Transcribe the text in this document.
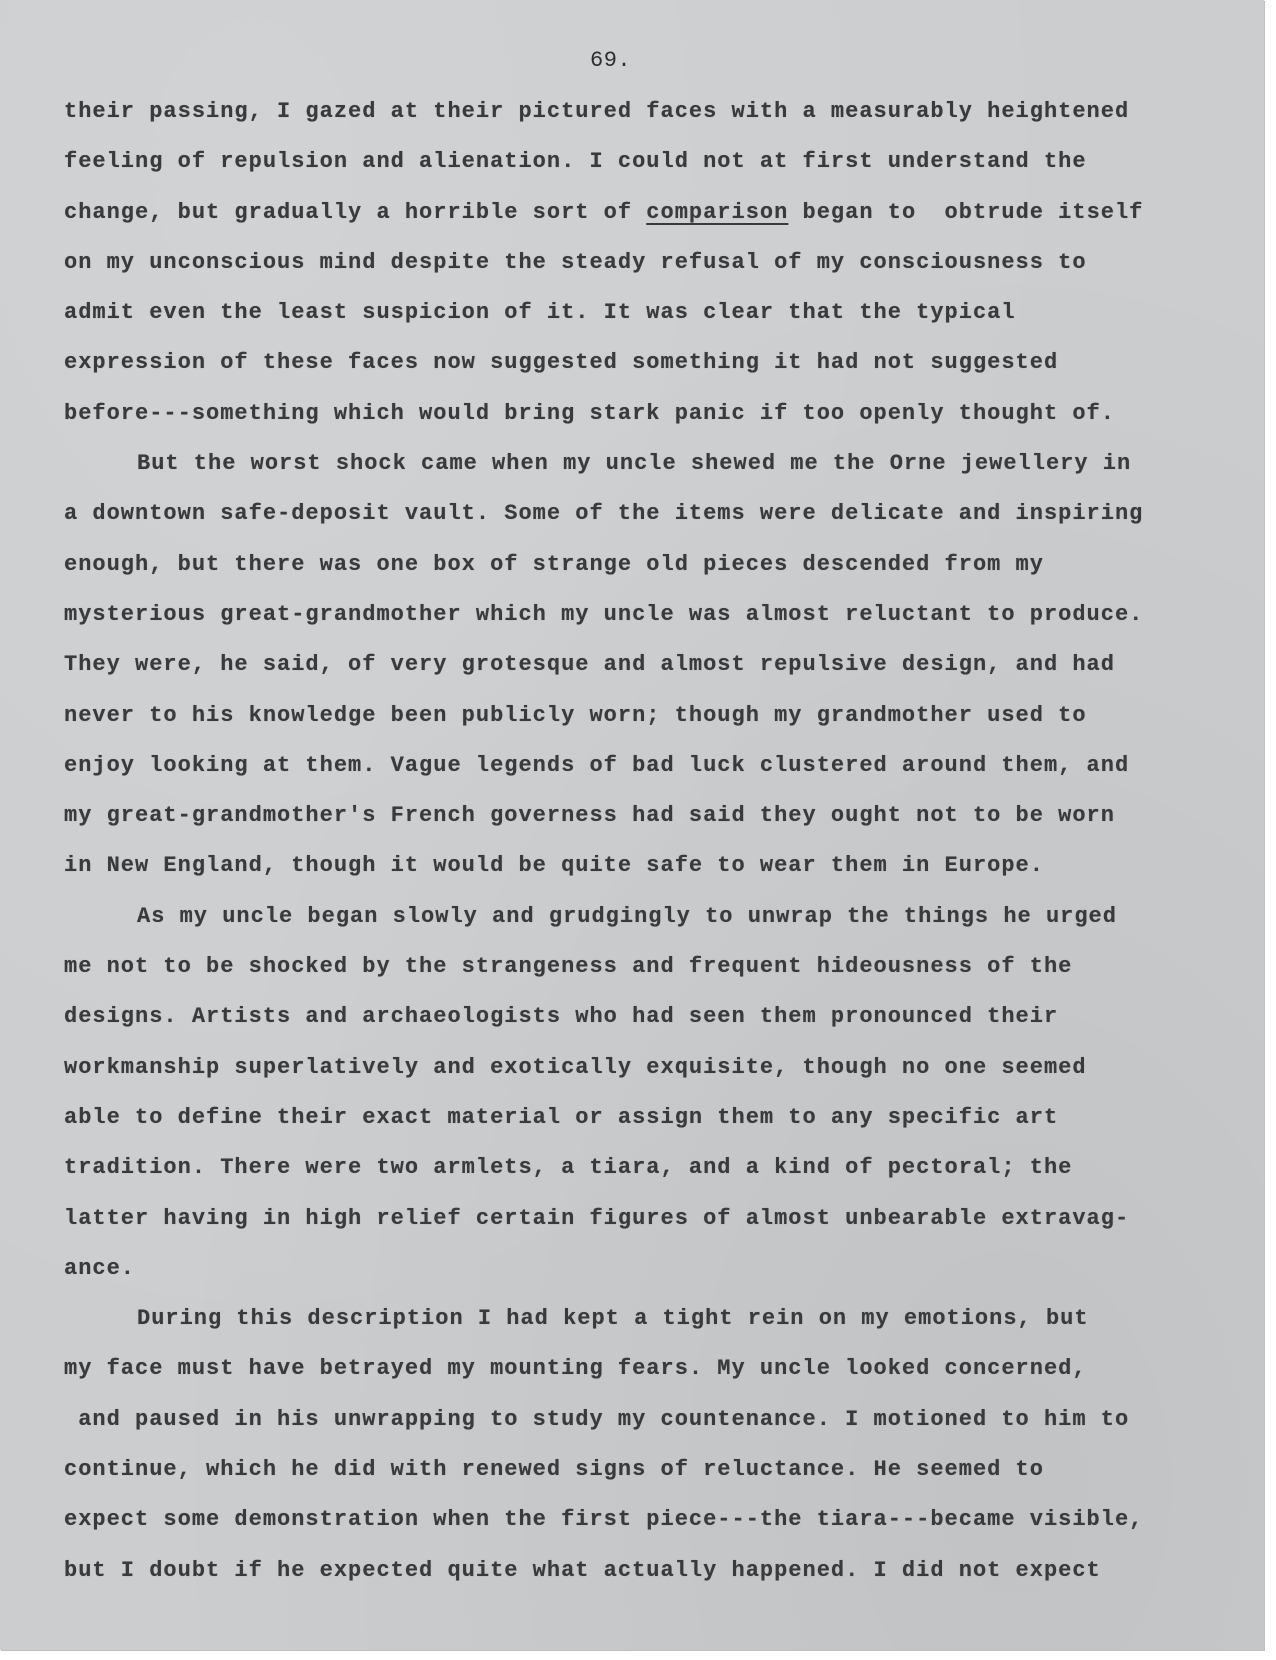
69.
their passing, I gazed at their pictured faces with a measurably heightened
feeling of repulsion and alienation. I could not at first understand the
change, but gradually a horrible sort of comparison began to  obtrude itself
on my unconscious mind despite the steady refusal of my consciousness to
admit even the least suspicion of it. It was clear that the typical
expression of these faces now suggested something it had not suggested
before---something which would bring stark panic if too openly thought of.
But the worst shock came when my uncle shewed me the Orne jewellery in
a downtown safe-deposit vault. Some of the items were delicate and inspiring
enough, but there was one box of strange old pieces descended from my
mysterious great-grandmother which my uncle was almost reluctant to produce.
They were, he said, of very grotesque and almost repulsive design, and had
never to his knowledge been publicly worn; though my grandmother used to
enjoy looking at them. Vague legends of bad luck clustered around them, and
my great-grandmother's French governess had said they ought not to be worn
in New England, though it would be quite safe to wear them in Europe.
As my uncle began slowly and grudgingly to unwrap the things he urged
me not to be shocked by the strangeness and frequent hideousness of the
designs. Artists and archaeologists who had seen them pronounced their
workmanship superlatively and exotically exquisite, though no one seemed
able to define their exact material or assign them to any specific art
tradition. There were two armlets, a tiara, and a kind of pectoral; the
latter having in high relief certain figures of almost unbearable extravag-
ance.
During this description I had kept a tight rein on my emotions, but
my face must have betrayed my mounting fears. My uncle looked concerned,
and paused in his unwrapping to study my countenance. I motioned to him to
continue, which he did with renewed signs of reluctance. He seemed to
expect some demonstration when the first piece---the tiara---became visible,
but I doubt if he expected quite what actually happened. I did not expect
